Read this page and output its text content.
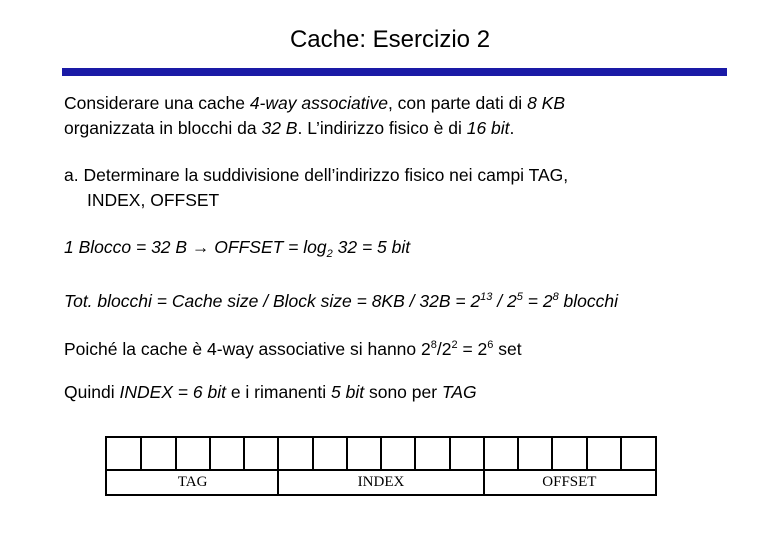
Cache: Esercizio 2
Considerare una cache 4-way associative, con parte dati di 8 KB
organizzata in blocchi da 32 B. L’indirizzo fisico è di 16 bit.
a. Determinare la suddivisione dell’indirizzo fisico nei campi TAG,
INDEX, OFFSET
1 Blocco = 32 B → OFFSET = $\log_2 32 = 5$ bit
Tot. blocchi = Cache size / Block size = $8KB / 32B = 2^{13} / 2^5 = 2^8$ blocchi
Poiché la cache è 4-way associative si hanno $2^8/2^2 = 2^6$ set
Quindi INDEX = 6 bit e i rimanenti 5 bit sono per TAG
TAG	INDEX	OFFSET
